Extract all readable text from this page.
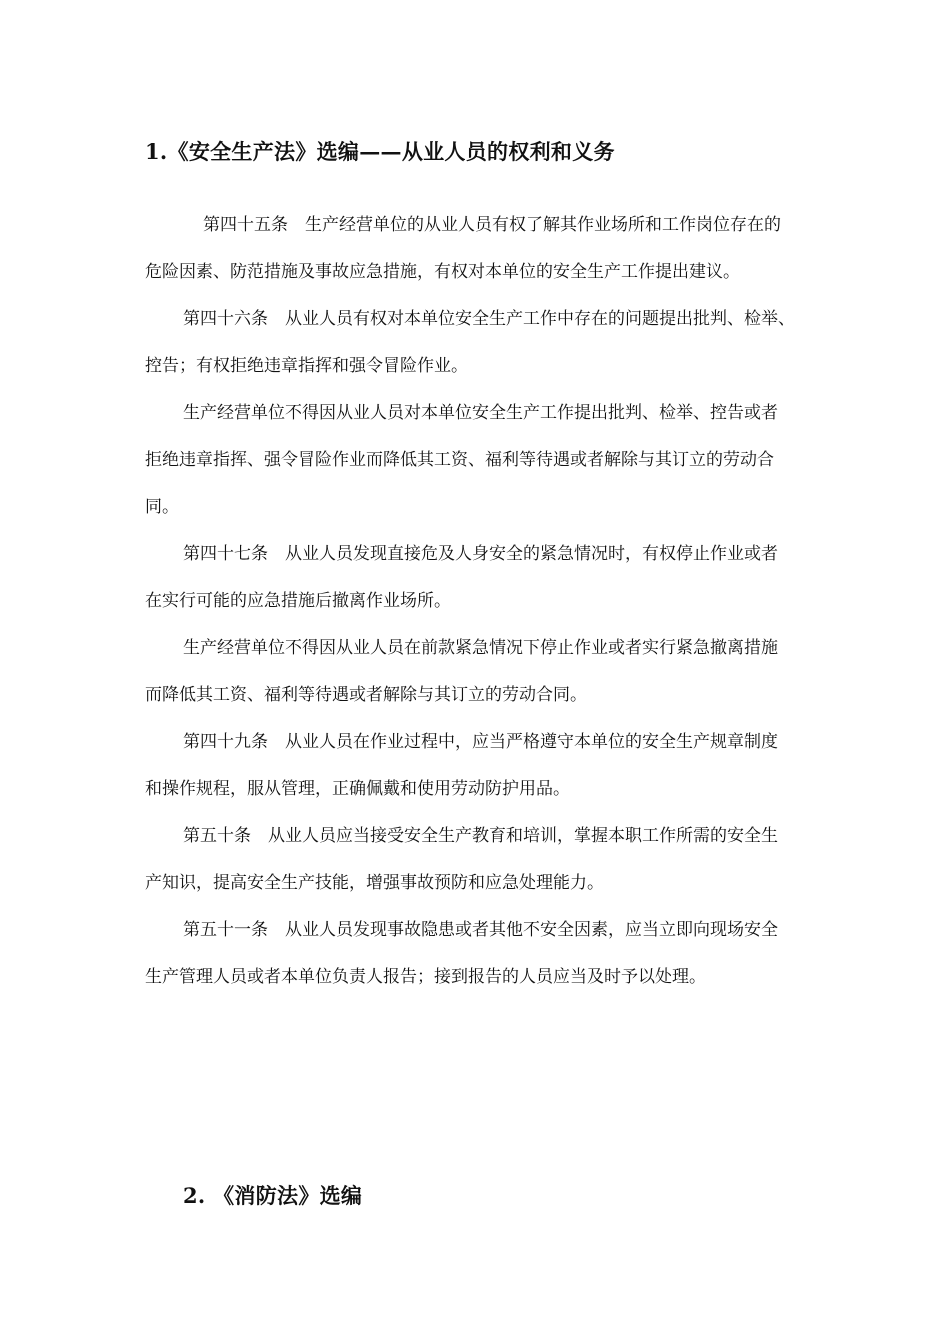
1.《安全生产法》选编——从业人员的权利和义务
第四十五条　生产经营单位的从业人员有权了解其作业场所和工作岗位存在的
危险因素、防范措施及事故应急措施，有权对本单位的安全生产工作提出建议。
第四十六条　从业人员有权对本单位安全生产工作中存在的问题提出批判、检举、
控告；有权拒绝违章指挥和强令冒险作业。
生产经营单位不得因从业人员对本单位安全生产工作提出批判、检举、控告或者
拒绝违章指挥、强令冒险作业而降低其工资、福利等待遇或者解除与其订立的劳动合
同。
第四十七条　从业人员发现直接危及人身安全的紧急情况时，有权停止作业或者
在实行可能的应急措施后撤离作业场所。
生产经营单位不得因从业人员在前款紧急情况下停止作业或者实行紧急撤离措施
而降低其工资、福利等待遇或者解除与其订立的劳动合同。
第四十九条　从业人员在作业过程中，应当严格遵守本单位的安全生产规章制度
和操作规程，服从管理，正确佩戴和使用劳动防护用品。
第五十条　从业人员应当接受安全生产教育和培训，掌握本职工作所需的安全生
产知识，提高安全生产技能，增强事故预防和应急处理能力。
第五十一条　从业人员发现事故隐患或者其他不安全因素，应当立即向现场安全
生产管理人员或者本单位负责人报告；接到报告的人员应当及时予以处理。
2. 《消防法》选编
